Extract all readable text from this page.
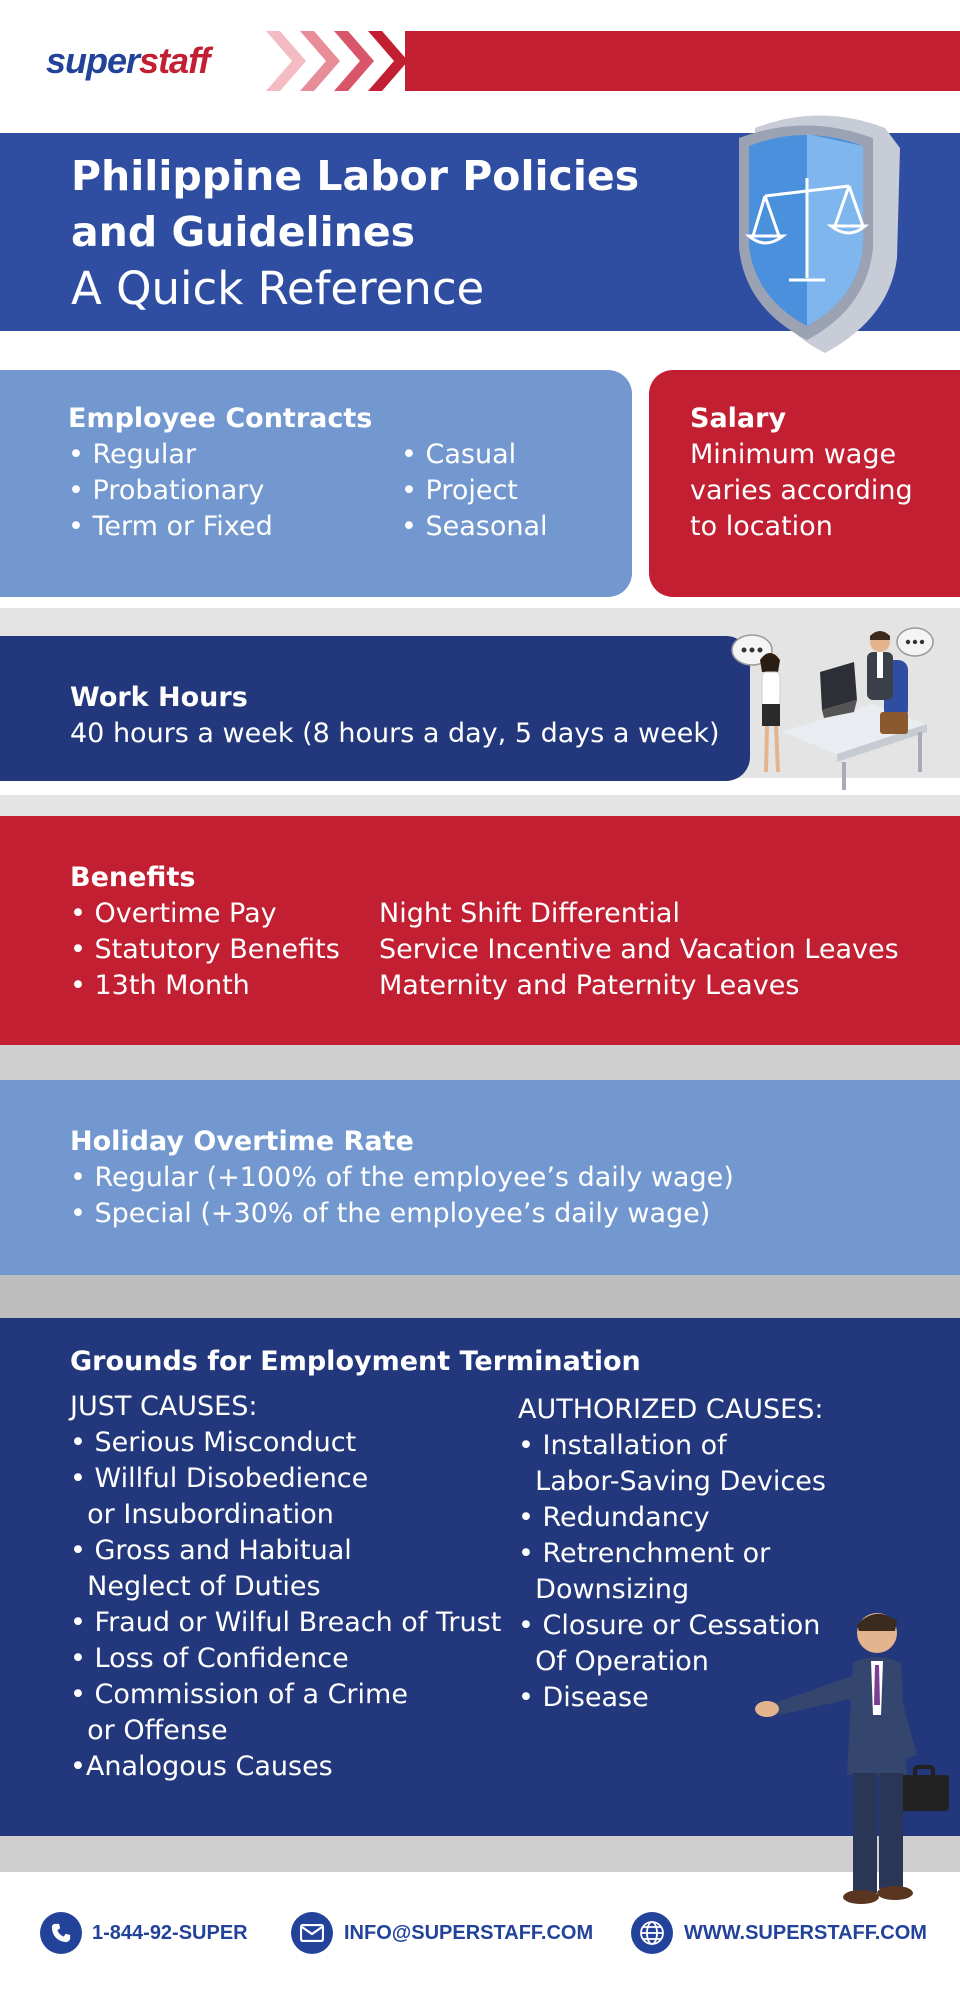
superstaff
Philippine Labor Policies
and Guidelines
A Quick Reference
Employee Contracts
• Regular
• Probationary
• Term or Fixed
• Casual
• Project
• Seasonal
Salary
Minimum wage
varies according
to location
Work Hours
40 hours a week (8 hours a day, 5 days a week)
Benefits
• Overtime Pay
• Statutory Benefits
• 13th Month
Night Shift Differential
Service Incentive and Vacation Leaves
Maternity and Paternity Leaves
Holiday Overtime Rate
• Regular (+100% of the employee’s daily wage)
• Special (+30% of the employee’s daily wage)
Grounds for Employment Termination
JUST CAUSES:
• Serious Misconduct
• Willful Disobedience
or Insubordination
• Gross and Habitual
Neglect of Duties
• Fraud or Wilful Breach of Trust
• Loss of Confidence
• Commission of a Crime
or Offense
•Analogous Causes
AUTHORIZED CAUSES:
• Installation of
Labor-Saving Devices
• Redundancy
• Retrenchment or
Downsizing
• Closure or Cessation
Of Operation
• Disease
1-844-92-SUPER	INFO@SUPERSTAFF.COM	WWW.SUPERSTAFF.COM
